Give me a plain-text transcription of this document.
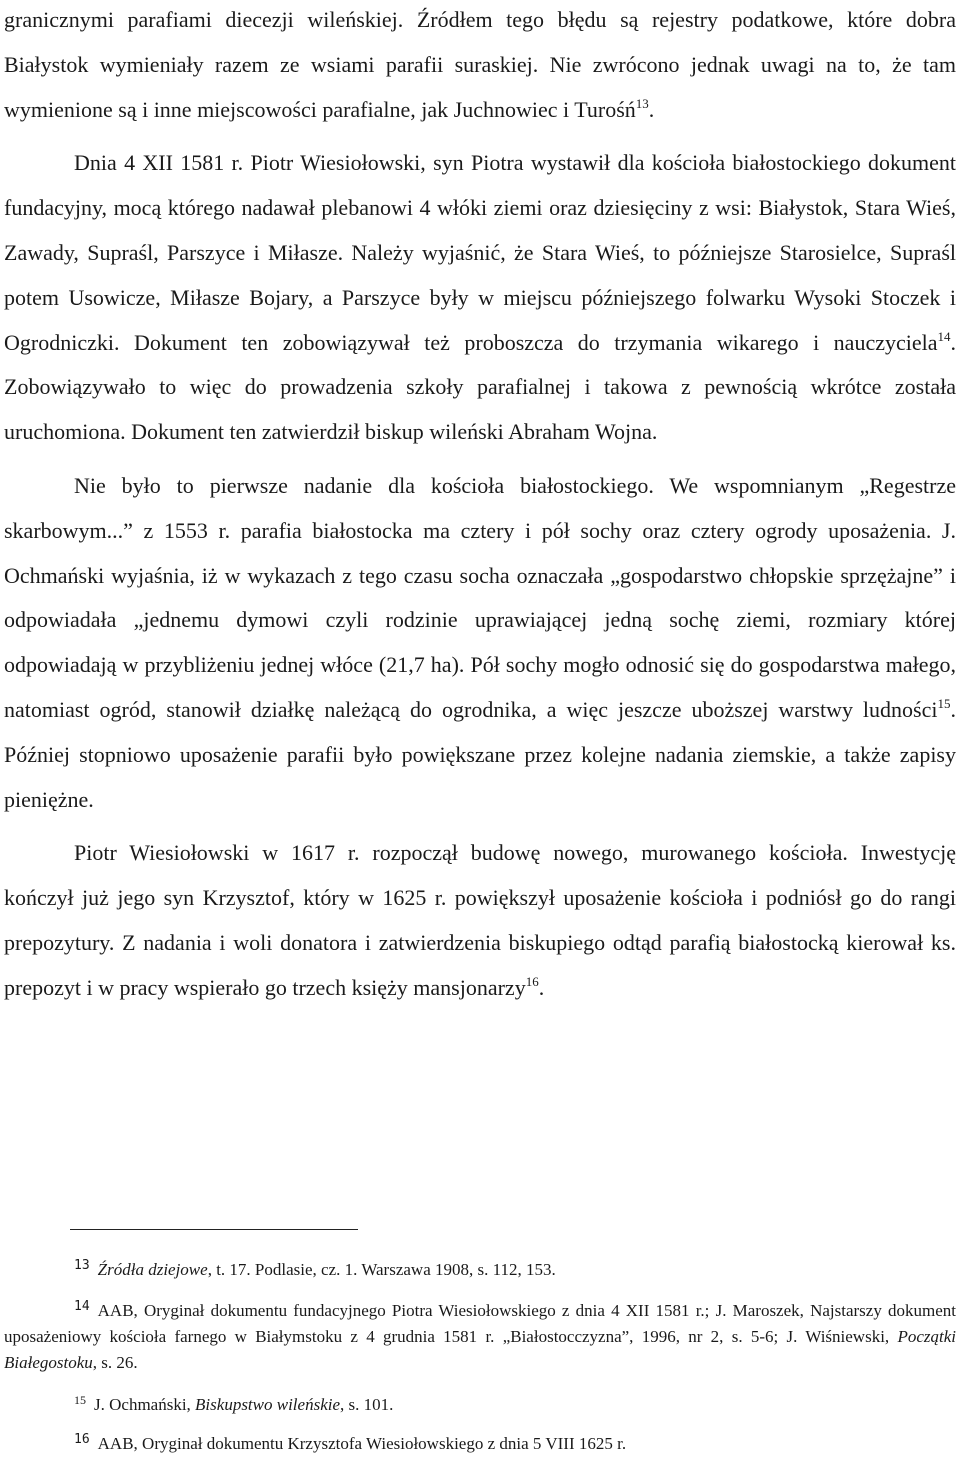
granicznymi parafiami diecezji wileńskiej. Źródłem tego błędu są rejestry podatkowe, które dobra Białystok wymieniały razem ze wsiami parafii suraskiej. Nie zwrócono jednak uwagi na to, że tam wymienione są i inne miejscowości parafialne, jak Juchnowiec i Turośń$^{13}$.

Dnia 4 XII 1581 r. Piotr Wiesiołowski, syn Piotra wystawił dla kościoła białostockiego dokument fundacyjny, mocą którego nadawał plebanowi 4 włóki ziemi oraz dziesięciny z wsi: Białystok, Stara Wieś, Zawady, Supraśl, Parszyce i Miłasze. Należy wyjaśnić, że Stara Wieś, to późniejsze Starosielce, Supraśl potem Usowicze, Miłasze Bojary, a Parszyce były w miejscu późniejszego folwarku Wysoki Stoczek i Ogrodniczki. Dokument ten zobowiązywał też proboszcza do trzymania wikarego i nauczyciela$^{14}$. Zobowiązywało to więc do prowadzenia szkoły parafialnej i takowa z pewnością wkrótce została uruchomiona. Dokument ten zatwierdził biskup wileński Abraham Wojna.

Nie było to pierwsze nadanie dla kościoła białostockiego. We wspomnianym „Regestrze skarbowym...” z 1553 r. parafia białostocka ma cztery i pół sochy oraz cztery ogrody uposażenia. J. Ochmański wyjaśnia, iż w wykazach z tego czasu socha oznaczała „gospodarstwo chłopskie sprzężajne” i odpowiadała „jednemu dymowi czyli rodzinie uprawiającej jedną sochę ziemi, rozmiary której odpowiadają w przybliżeniu jednej włóce (21,7 ha). Pół sochy mogło odnosić się do gospodarstwa małego, natomiast ogród, stanowił działkę należącą do ogrodnika, a więc jeszcze uboższej warstwy ludności$^{15}$. Później stopniowo uposażenie parafii było powiększane przez kolejne nadania ziemskie, a także zapisy pieniężne.

Piotr Wiesiołowski w 1617 r. rozpoczął budowę nowego, murowanego kościoła. Inwestycję kończył już jego syn Krzysztof, który w 1625 r. powiększył uposażenie kościoła i podniósł go do rangi prepozytury. Z nadania i woli donatora i zatwierdzenia biskupiego odtąd parafią białostocką kierował ks. prepozyt i w pracy wspierało go trzech księży mansjonarzy$^{16}$.

$^{13}$ Źródła dziejowe, t. 17. Podlasie, cz. 1. Warszawa 1908, s. 112, 153.

$^{14}$ AAB, Oryginał dokumentu fundacyjnego Piotra Wiesiołowskiego z dnia 4 XII 1581 r.; J. Maroszek, Najstarszy dokument uposażeniowy kościoła farnego w Białymstoku z 4 grudnia 1581 r. „Białostocczyzna”, 1996, nr 2, s. 5-6; J. Wiśniewski, Początki Białegostoku, s. 26.

$^{15}$ J. Ochmański, Biskupstwo wileńskie, s. 101.

$^{16}$ AAB, Oryginał dokumentu Krzysztofa Wiesiołowskiego z dnia 5 VIII 1625 r.
